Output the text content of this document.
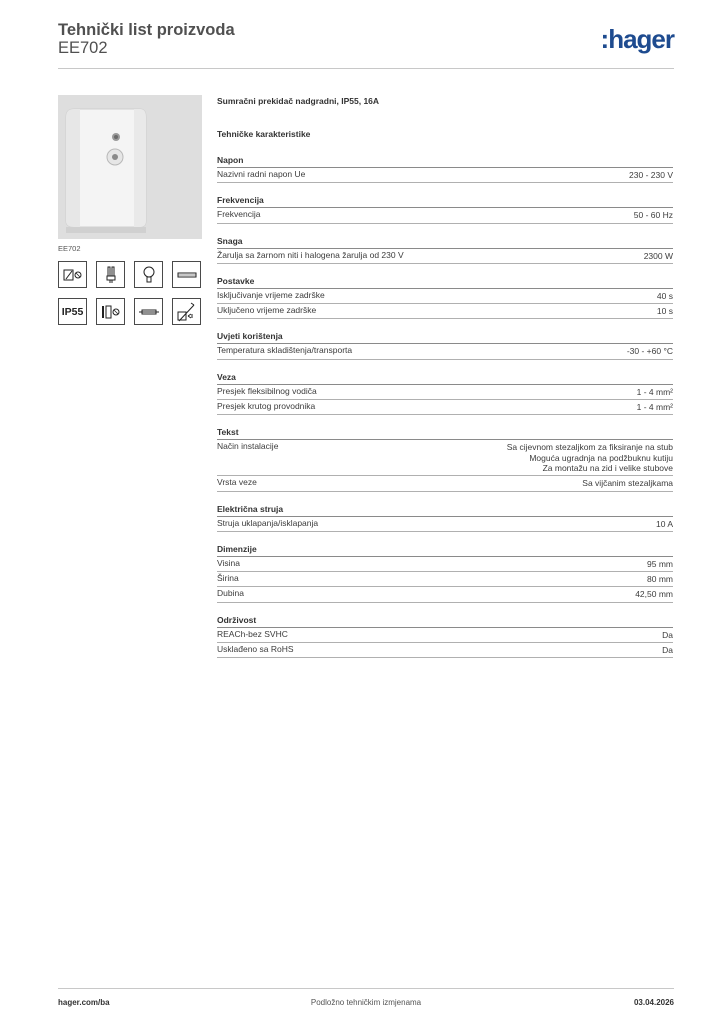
Tehnički list proizvoda
EE702	:hager
EE702
IP55
Sumračni prekidač nadgradni, IP55, 16A
Tehničke karakteristike
Napon
Nazivni radni napon Ue	230 - 230 V
Frekvencija
Frekvencija	50 - 60 Hz
Snaga
Žarulja sa žarnom niti i halogena žarulja od 230 V	2300 W
Postavke
Isključivanje vrijeme zadrške	40 s
Uključeno vrijeme zadrške	10 s
Uvjeti korištenja
Temperatura skladištenja/transporta	-30 - +60 °C
Veza
Presjek fleksibilnog vodiča	1 - 4 mm²
Presjek krutog provodnika	1 - 4 mm²
Tekst
Način instalacije	Sa cijevnom stezaljkom za fiksiranje na stub
Moguća ugradnja na podžbuknu kutiju
Za montažu na zid i velike stubove
Vrsta veze	Sa vijčanim stezaljkama
Električna struja
Struja uklapanja/isklapanja	10 A
Dimenzije
Visina	95 mm
Širina	80 mm
Dubina	42,50 mm
Održivost
REACh-bez SVHC	Da
Usklađeno sa RoHS	Da
Podložno tehničkim izmjenama
hager.com/ba	03.04.2026
